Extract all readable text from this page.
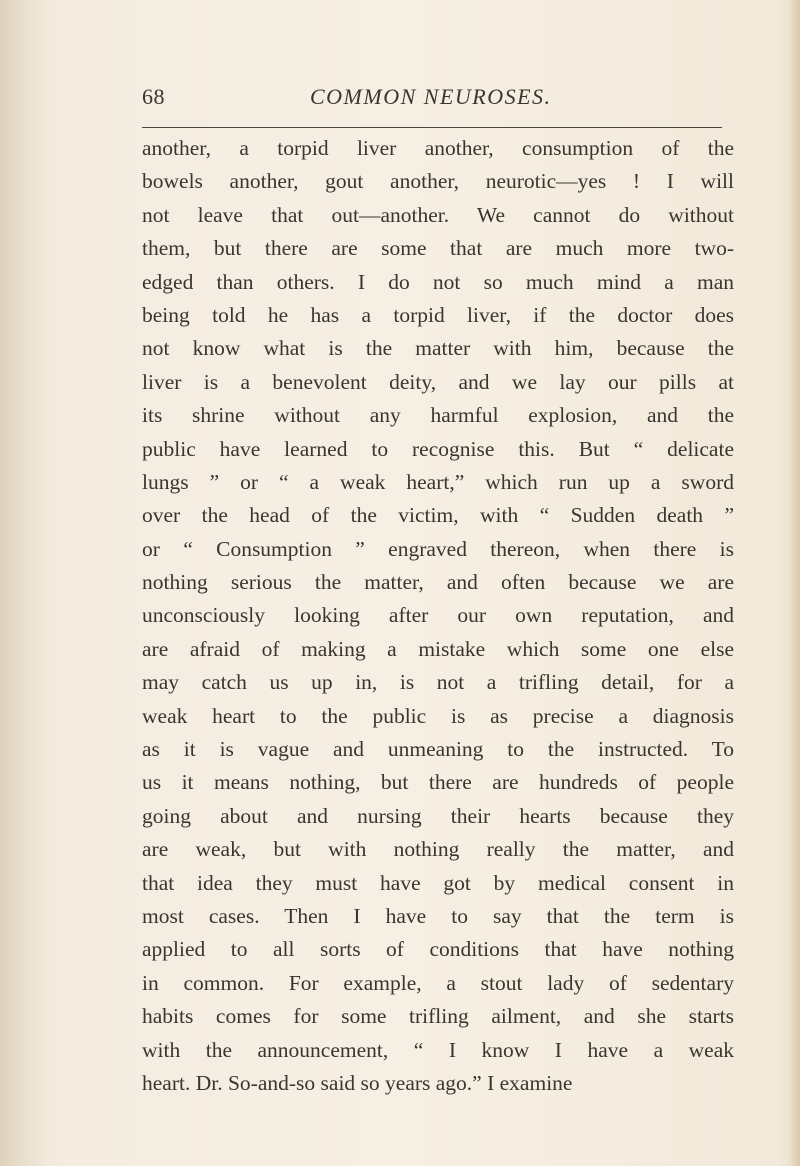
68	COMMON NEUROSES.
another, a torpid liver another, consumption of the
bowels another, gout another, neurotic—yes ! I will
not leave that out—another. We cannot do without
them, but there are some that are much more two-
edged than others. I do not so much mind a man
being told he has a torpid liver, if the doctor does
not know what is the matter with him, because the
liver is a benevolent deity, and we lay our pills at
its shrine without any harmful explosion, and the
public have learned to recognise this. But “ delicate
lungs ” or “ a weak heart,” which run up a sword
over the head of the victim, with “ Sudden death ”
or “ Consumption ” engraved thereon, when there is
nothing serious the matter, and often because we are
unconsciously looking after our own reputation, and
are afraid of making a mistake which some one else
may catch us up in, is not a trifling detail, for a
weak heart to the public is as precise a diagnosis
as it is vague and unmeaning to the instructed. To
us it means nothing, but there are hundreds of people
going about and nursing their hearts because they
are weak, but with nothing really the matter, and
that idea they must have got by medical consent in
most cases. Then I have to say that the term is
applied to all sorts of conditions that have nothing
in common. For example, a stout lady of sedentary
habits comes for some trifling ailment, and she starts
with the announcement, “ I know I have a weak
heart. Dr. So-and-so said so years ago.” I examine
